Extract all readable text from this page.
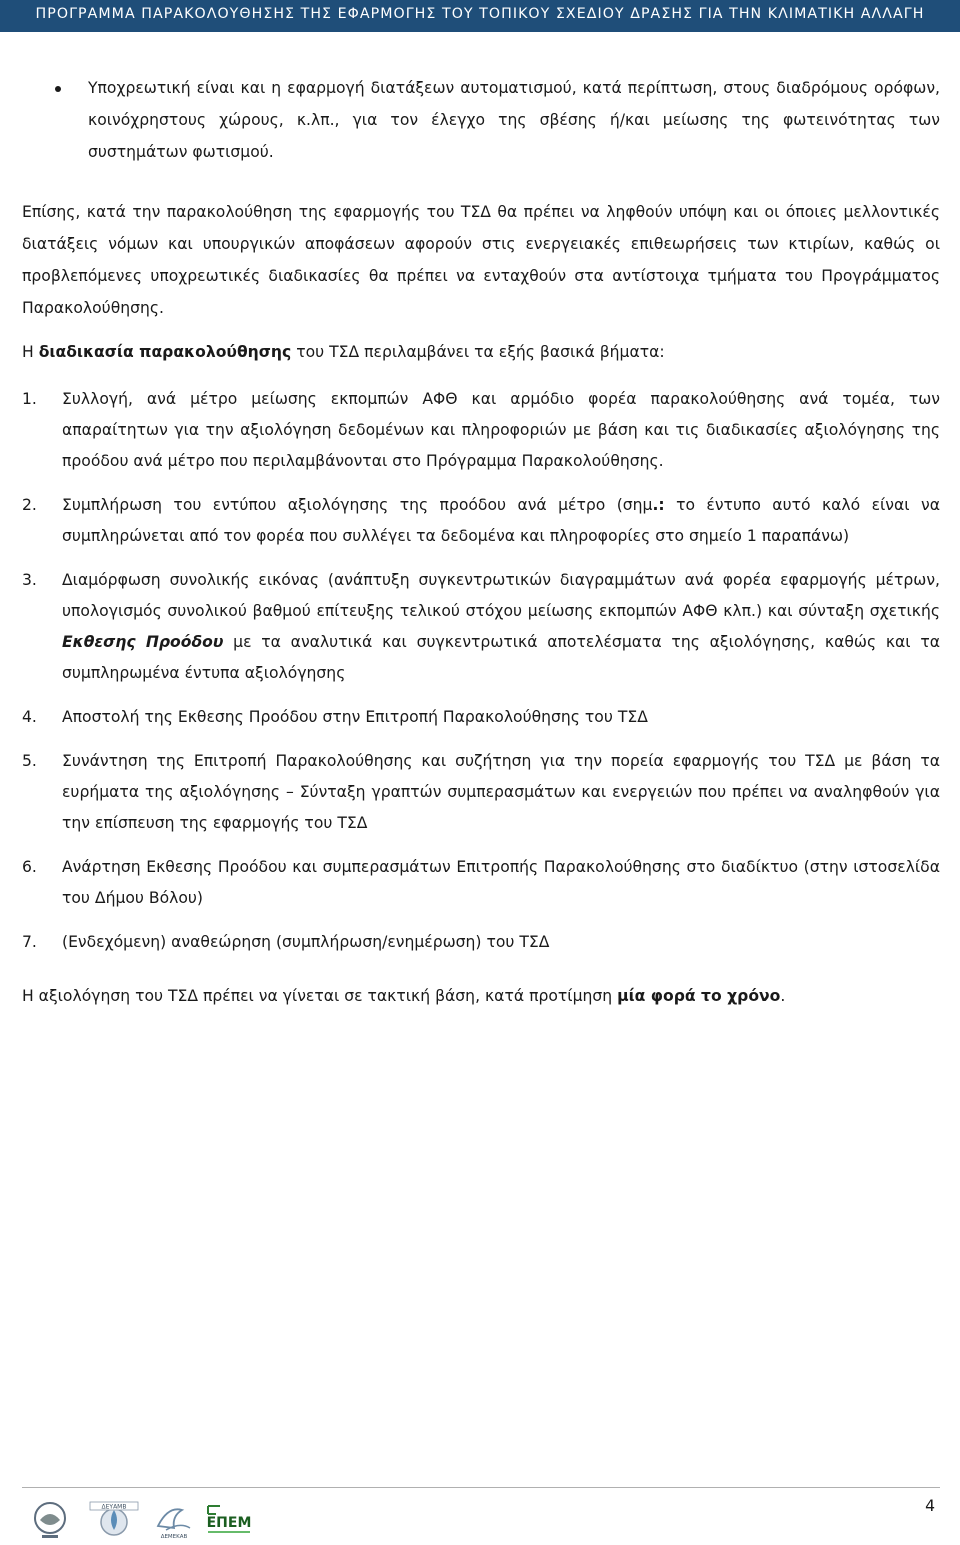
ΠΡΟΓΡΑΜΜΑ ΠΑΡΑΚΟΛΟΥΘΗΣΗΣ ΤΗΣ ΕΦΑΡΜΟΓΗΣ ΤΟΥ ΤΟΠΙΚΟΥ ΣΧΕΔΙΟΥ ΔΡΑΣΗΣ ΓΙΑ ΤΗΝ ΚΛΙΜΑΤΙΚΗ ΑΛΛΑΓΗ
Υποχρεωτική είναι και η εφαρμογή διατάξεων αυτοματισμού, κατά περίπτωση, στους διαδρόμους ορόφων, κοινόχρηστους χώρους, κ.λπ., για τον έλεγχο της σβέσης ή/και μείωσης της φωτεινότητας των συστημάτων φωτισμού.

Επίσης, κατά την παρακολούθηση της εφαρμογής του ΤΣΔ θα πρέπει να ληφθούν υπόψη και οι όποιες μελλοντικές διατάξεις νόμων και υπουργικών αποφάσεων αφορούν στις ενεργειακές επιθεωρήσεις των κτιρίων, καθώς οι προβλεπόμενες υποχρεωτικές διαδικασίες θα πρέπει να ενταχθούν στα αντίστοιχα τμήματα του Προγράμματος Παρακολούθησης.

Η διαδικασία παρακολούθησης του ΤΣΔ περιλαμβάνει τα εξής βασικά βήματα:

1. Συλλογή, ανά μέτρο μείωσης εκπομπών ΑΦΘ και αρμόδιο φορέα παρακολούθησης ανά τομέα, των απαραίτητων για την αξιολόγηση δεδομένων και πληροφοριών με βάση και τις διαδικασίες αξιολόγησης της προόδου ανά μέτρο που περιλαμβάνονται στο Πρόγραμμα Παρακολούθησης.
2. Συμπλήρωση του εντύπου αξιολόγησης της προόδου ανά μέτρο (σημ.: το έντυπο αυτό καλό είναι να συμπληρώνεται από τον φορέα που συλλέγει τα δεδομένα και πληροφορίες στο σημείο 1 παραπάνω)
3. Διαμόρφωση συνολικής εικόνας (ανάπτυξη συγκεντρωτικών διαγραμμάτων ανά φορέα εφαρμογής μέτρων, υπολογισμός συνολικού βαθμού επίτευξης τελικού στόχου μείωσης εκπομπών ΑΦΘ κλπ.) και σύνταξη σχετικής Εκθεσης Προόδου με τα αναλυτικά και συγκεντρωτικά αποτελέσματα της αξιολόγησης, καθώς και τα συμπληρωμένα έντυπα αξιολόγησης
4. Αποστολή της Εκθεσης Προόδου στην Επιτροπή Παρακολούθησης του ΤΣΔ
5. Συνάντηση της Επιτροπή Παρακολούθησης και συζήτηση για την πορεία εφαρμογής του ΤΣΔ με βάση τα ευρήματα της αξιολόγησης – Σύνταξη γραπτών συμπερασμάτων και ενεργειών που πρέπει να αναληφθούν για την επίσπευση της εφαρμογής του ΤΣΔ
6. Ανάρτηση Εκθεσης Προόδου και συμπερασμάτων Επιτροπής Παρακολούθησης στο διαδίκτυο (στην ιστοσελίδα του Δήμου Βόλου)
7. (Ενδεχόμενη) αναθεώρηση (συμπλήρωση/ενημέρωση) του ΤΣΔ

Η αξιολόγηση του ΤΣΔ πρέπει να γίνεται σε τακτική βάση, κατά προτίμηση μία φορά το χρόνο.

4
ΔΕΥΑΜΒ
ΔΕΜΕΚΑΒ
ΕΠΕΜ
